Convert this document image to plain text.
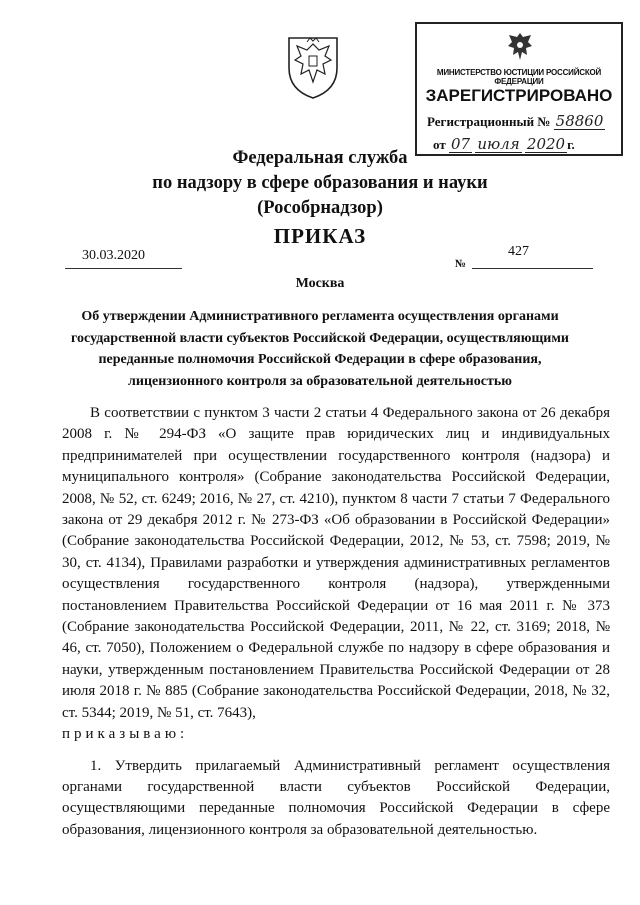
МИНИСТЕРСТВО ЮСТИЦИИ РОССИЙСКОЙ ФЕДЕРАЦИИ
ЗАРЕГИСТРИРОВАНО
Регистрационный № 58860
от 07 июля 2020 г.
Федеральная служба
по надзору в сфере образования и науки
(Рособрнадзор)
ПРИКАЗ
30.03.2020
№
427
Москва
Об утверждении Административного регламента осуществления органами государственной власти субъектов Российской Федерации, осуществляющими переданные полномочия Российской Федерации в сфере образования, лицензионного контроля за образовательной деятельностью

В соответствии с пунктом 3 части 2 статьи 4 Федерального закона от 26 декабря 2008 г. № 294-ФЗ «О защите прав юридических лиц и индивидуальных предпринимателей при осуществлении государственного контроля (надзора) и муниципального контроля» (Собрание законодательства Российской Федерации, 2008, № 52, ст. 6249; 2016, № 27, ст. 4210), пунктом 8 части 7 статьи 7 Федерального закона от 29 декабря 2012 г. № 273-ФЗ «Об образовании в Российской Федерации» (Собрание законодательства Российской Федерации, 2012, № 53, ст. 7598; 2019, № 30, ст. 4134), Правилами разработки и утверждения административных регламентов осуществления государственного контроля (надзора), утвержденными постановлением Правительства Российской Федерации от 16 мая 2011 г. № 373 (Собрание законодательства Российской Федерации, 2011, № 22, ст. 3169; 2018, № 46, ст. 7050), Положением о Федеральной службе по надзору в сфере образования и науки, утвержденным постановлением Правительства Российской Федерации от 28 июля 2018 г. № 885 (Собрание законодательства Российской Федерации, 2018, № 32, ст. 5344; 2019, № 51, ст. 7643),

приказываю:

1. Утвердить прилагаемый Административный регламент осуществления органами государственной власти субъектов Российской Федерации, осуществляющими переданные полномочия Российской Федерации в сфере образования, лицензионного контроля за образовательной деятельностью.
